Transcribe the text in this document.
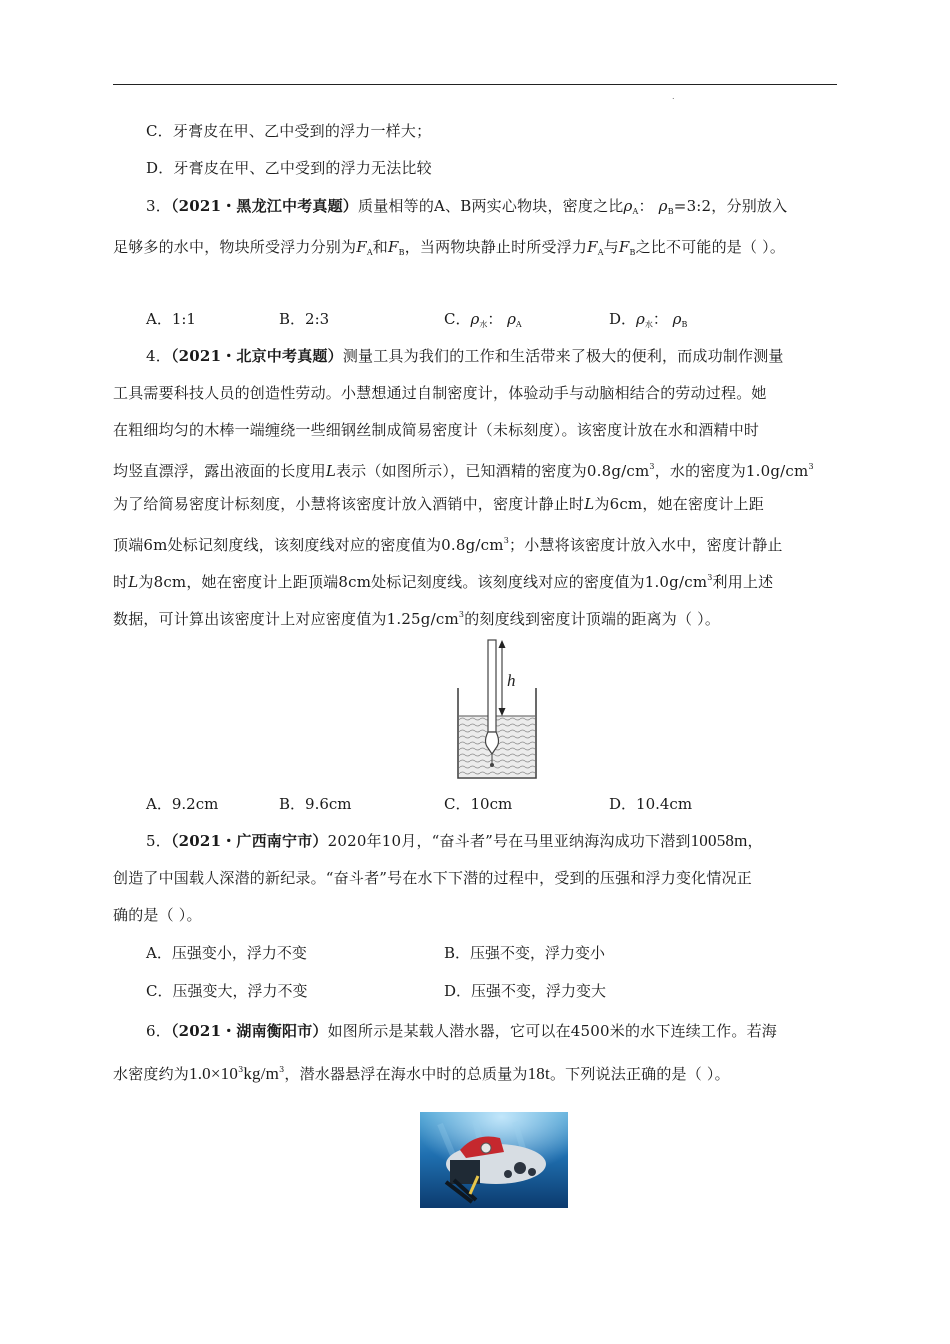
.
C．牙膏皮在甲、乙中受到的浮力一样大；
D．牙膏皮在甲、乙中受到的浮力无法比较
3．（2021・黑龙江中考真题）质量相等的A、B两实心物块，密度之比$\rho_A$： $\rho_B=3:2$，分别放入
足够多的水中，物块所受浮力分别为$F_A$和$F_B$，当两物块静止时所受浮力$F_A$与$F_B$之比不可能的是（ ）。
A．1:1	B．2:3	C．$\rho_水$： $\rho_A$	D．$\rho_水$： $\rho_B$
4．（2021・北京中考真题）测量工具为我们的工作和生活带来了极大的便利，而成功制作测量
工具需要科技人员的创造性劳动。小慧想通过自制密度计，体验动手与动脑相结合的劳动过程。她
在粗细均匀的木棒一端缠绕一些细钢丝制成简易密度计（未标刻度）。该密度计放在水和酒精中时
均竖直漂浮，露出液面的长度用L表示（如图所示），已知酒精的密度为$0.8g/cm^3$，水的密度为$1.0g/cm^3$
为了给简易密度计标刻度，小慧将该密度计放入酒销中，密度计静止时L为6cm，她在密度计上距
顶端6m处标记刻度线，该刻度线对应的密度值为$0.8g/cm^3$；小慧将该密度计放入水中，密度计静止
时L为8cm，她在密度计上距顶端8cm处标记刻度线。该刻度线对应的密度值为$1.0g/cm^3$利用上述
数据，可计算出该密度计上对应密度值为$1.25g/cm^3$的刻度线到密度计顶端的距离为（ ）。
h
A．9.2cm	B．9.6cm	C．10cm	D．10.4cm
5．（2021・广西南宁市）2020年10月，“奋斗者”号在马里亚纳海沟成功下潜到10058m，
创造了中国载人深潜的新纪录。“奋斗者”号在水下下潜的过程中，受到的压强和浮力变化情况正
确的是（ ）。
A．压强变小，浮力不变	B．压强不变，浮力变小
C．压强变大，浮力不变	D．压强不变，浮力变大
6．（2021・湖南衡阳市）如图所示是某载人潜水器，它可以在4500米的水下连续工作。若海
水密度约为$1.0\times 10^3kg/m^3$，潜水器悬浮在海水中时的总质量为18t。下列说法正确的是（ ）。
